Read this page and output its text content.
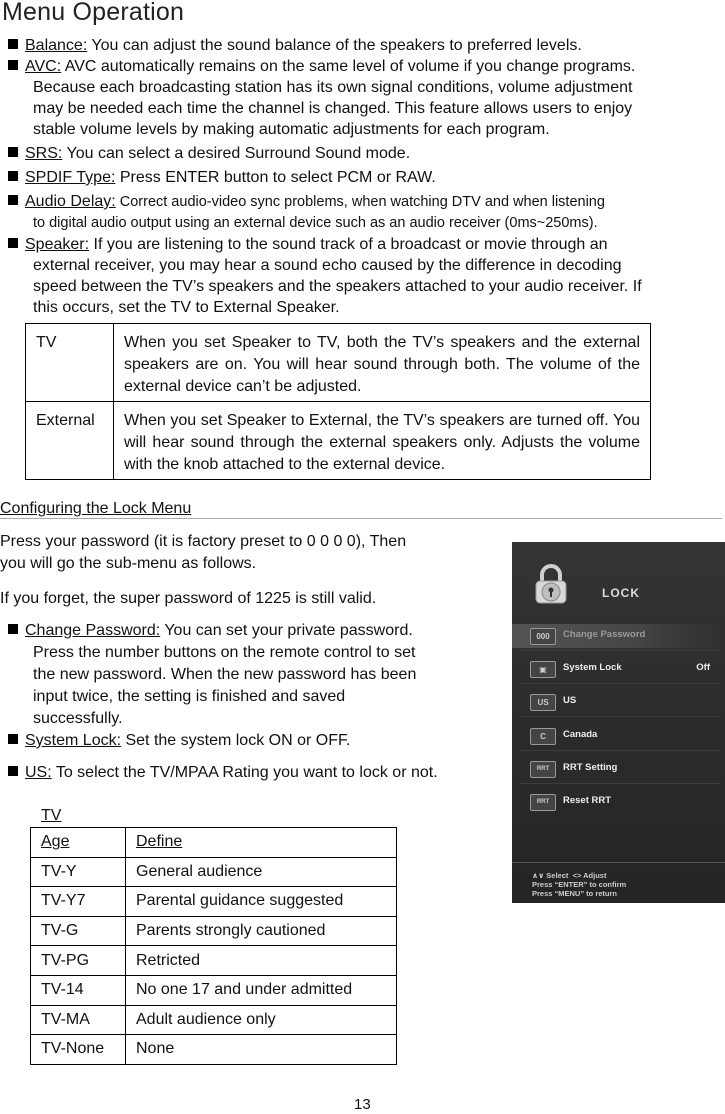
Menu Operation
Balance: You can adjust the sound balance of the speakers to preferred levels.
AVC: AVC automatically remains on the same level of volume if you change programs.
Because each broadcasting station has its own signal conditions, volume adjustment
may be needed each time the channel is changed. This feature allows users to enjoy
stable volume levels by making automatic adjustments for each program.
SRS: You can select a desired Surround Sound mode.
SPDIF Type: Press ENTER button to select PCM or RAW.
Audio Delay: Correct audio-video sync problems, when watching DTV and when listening
to digital audio output using an external device such as an audio receiver (0ms~250ms).
Speaker: If you are listening to the sound track of a broadcast or movie through an
external receiver, you may hear a sound echo caused by the difference in decoding
speed between the TV’s speakers and the speakers attached to your audio receiver. If
this occurs, set the TV to External Speaker.
TV	When you set Speaker to TV, both the TV’s speakers and the external speakers are on. You will hear sound through both. The volume of the external device can’t be adjusted.
External	When you set Speaker to External, the TV’s speakers are turned off. You will hear sound through the external speakers only. Adjusts the volume with the knob attached to the external device.
Configuring the Lock Menu
Press your password (it is factory preset to 0 0 0 0), Then
you will go the sub-menu as follows.
If you forget, the super password of 1225 is still valid.
Change Password: You can set your private password.
Press the number buttons on the remote control to set
the new password. When the new password has been
input twice, the setting is finished and saved
successfully.
System Lock: Set the system lock ON or OFF.
US: To select the TV/MPAA Rating you want to lock or not.
TV
Age	Define
TV-Y	General audience
TV-Y7	Parental guidance suggested
TV-G	Parents strongly cautioned
TV-PG	Retricted
TV-14	No one 17 and under admitted
TV-MA	Adult audience only
TV-None	None
LOCK
000	Change Password
▣	System Lock	Off
US	US
C	Canada
RRT	RRT Setting
RRT	Reset RRT
∧∨ Select <> Adjust
Press “ENTER” to confirm
Press “MENU” to return
13
